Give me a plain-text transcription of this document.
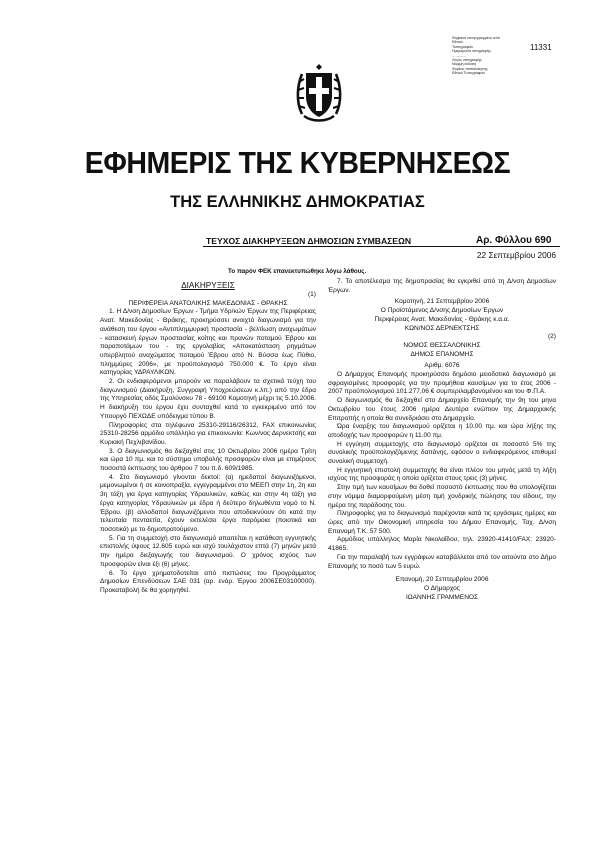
Ψηφιακά υπογεγραμμένο από
Εθνικό
Τυπογραφείο
Ημερομηνία υπογραφής:
... ..-..-....
Λόγος υπογραφής:
Νόμιμη έκδοση
Φορέας πιστοποίησης:
Εθνικό Τυπογραφείο
11331
ΕΦΗΜΕΡΙΣ ΤΗΣ ΚΥΒΕΡΝΗΣΕΩΣ
ΤΗΣ ΕΛΛΗΝΙΚΗΣ ΔΗΜΟΚΡΑΤΙΑΣ
ΤΕΥΧΟΣ ΔΙΑΚΗΡΥΞΕΩΝ ΔΗΜΟΣΙΩΝ ΣΥΜΒΑΣΕΩΝ	Αρ. Φύλλου 690
22 Σεπτεμβρίου 2006
Το παρόν ΦΕΚ επανεκτυπώθηκε λόγω λάθους.

ΔΙΑΚΗΡΥΞΕΙΣ

(1)

ΠΕΡΙΦΕΡΕΙΑ ΑΝΑΤΟΛΙΚΗΣ ΜΑΚΕΔΟΝΙΑΣ - ΘΡΑΚΗΣ

1. Η Δ/νση Δημοσίων Έργων - Τμήμα Υδρ/κών Έργων της Περιφέρειας Ανατ. Μακεδονίας - Θράκης, προκηρύσσει ανοιχτό διαγωνισμό για την ανάθεση του έργου «Αντιπλημμυρική προστασία - βελτίωση αναχωμάτων - κατασκευή έργων προστασίας κοίτης και πρανών ποταμού Έβρου και παραποτάμων του - της εργολαβίας «Αποκατάσταση ρηγμάτων υπερβλητού αναχώματος ποταμού Έβρου από Ν. Βύσσα έως Πύθιο, πλημμύρες 2006», με προϋπολογισμό 750.000 €. Το έργο είναι κατηγορίας ΥΔΡΑΥΛΙΚΩΝ.

2. Οι ενδιαφερόμενοι μπορούν να παραλάβουν τα σχετικά τεύχη του διαγωνισμού (Διακήρυξη, Συγγραφή Υποχρεώσεων κ.λπ.) από την έδρα της Υπηρεσίας οδός Σμολύνσκυ 78 - 69100 Κομοτηνή μέχρι τις 5.10.2006. Η διακήρυξη του έργου έχει συνταχθεί κατά το εγκεκριμένο από τον Υπουργό ΠΕΧΩΔΕ υπόδειγμα τύπου Β.

Πληροφορίες στα τηλέφωνα 25310-29116/26312, FAX επικοινωνίας 25310-28256 αρμόδιο υπάλληλο για επικοινωνία: Κων/νος Δερνεκτσής και Κυριακή Πεχλιβανίδου.

3. Ο διαγωνισμός θα διεξαχθεί στις 10 Οκτωβρίου 2006 ημέρα Τρίτη και ώρα 10 πμ. και το σύστημα υποβολής προσφορών είναι με επιμέρους ποσοστά έκπτωσης του άρθρου 7 του π.δ. 609/1985.

4. Στο διαγωνισμό γίνονται δεκτοί: (α) ημεδαποί διαγωνιζόμενοι, μεμονωμένοι ή σε κοινοπραξία, εγγεγραμμένοι στο ΜΕΕΠ στην 1η, 2η και 3η τάξη για έργα κατηγορίας Υδραυλικών, καθώς και στην 4η τάξη για έργα κατηγορίας Υδραυλικών με έδρα ή δεύτερο δηλωθέντα νομό το Ν. Έβρου. (β) αλλοδαποί διαγωνιζόμενοι που αποδεικνύουν ότι κατά την τελευταία πενταετία, έχουν εκτελέσει έργα παρόμοια (ποιοτικά και ποσοτικά) με το δημοπρατούμενο.

5. Για τη συμμετοχή στο διαγωνισμό απαιτείται η κατάθεση εγγυητικής επιστολής ύψους 12.605 ευρώ και ισχύ τουλάχιστον επτά (7) μηνών μετά την ημέρα διεξαγωγής του διαγωνισμού. Ο χρόνος ισχύος των προσφορών είναι έξι (6) μήνες.

6. Το έργο χρηματοδοτείται από πιστώσεις του Προγράμματος Δημοσίων Επενδύσεων ΣΑΕ 031 (αρ. ενάρ. Έργου 2006ΣΕ03100000). Προκαταβολή δε θα χορηγηθεί.

7. Το αποτέλεσμα της δημοπρασίας θα εγκριθεί από τη Δ/νση Δημοσίων Έργων.

Κομοτηνή, 21 Σεπτεμβρίου 2006

Ο Προϊστάμενος Δ/νσης Δημοσίων Έργων

Περιφέρειας Ανατ. Μακεδονίας - Θράκης κ.α.α.

ΚΩΝ/ΝΟΣ ΔΕΡΝΕΚΤΣΗΣ

(2)

ΝΟΜΟΣ ΘΕΣΣΑΛΟΝΙΚΗΣ

ΔΗΜΟΣ ΕΠΑΝΟΜΗΣ

Αριθμ. 6076

Ο Δήμαρχος Επανομής προκηρύσσει δημόσιο μειοδοτικό διαγωνισμό με σφραγισμένες προσφορές για την προμήθεια καυσίμων για το έτος 2006 - 2007 προϋπολογισμού 101.277,06 € συμπεριλαμβανομένου και του Φ.Π.Α.

Ο διαγωνισμός θα διεξαχθεί στο Δημαρχείο Επανομής την 9η του μηνα Οκτωβρίου του έτους 2006 ημέρα Δευτέρα ενώπιον της Δημαρχιακής Επιτροπής η οποία θα συνεδριάσει στο Δημαρχείο.

Ώρα έναρξης του διαγωνισμού ορίζεται η 10.00 πμ. και ώρα λήξης της αποδοχής των προσφορών η 11.00 πμ.

Η εγγύηση συμμετοχής στο διαγωνισμό ορίζεται σε ποσοστό 5% της συνολικής προϋπολογιζόμενης δαπάνης, εφόσον ο ενδιαφερόμενος επιθυμεί συνολική συμμετοχή.

Η εγγυητική επιστολή συμμετοχής θα είναι πλέον του μηνός μετά τη λήξη ισχύος της προσφοράς η οποία ορίζεται στους τρεις (3) μήνες.

Στην τιμή των καυσίμων θα δοθεί ποσοστό έκπτωσης που θα υπολογίζεται στην νόμιμα διαμορφούμενη μέση τιμή χονδρικής πώλησης του είδους, την ημέρα της παράδοσης του.

Πληροφορίες για το διαγωνισμό παρέχονται κατά τις εργάσιμες ημέρες και ώρες από την Οικονομική υπηρεσία του Δήμου Επανομής, Ταχ. Δ/νση Επανομή Τ.Κ. 57 500.

Αρμόδιος υπάλληλος Μαρία Νικολαΐδου, τηλ. 23920-41410/FAX: 23920-41865.

Για την παραλαβή των εγγράφων καταβάλλεται από τον αιτούντα στο Δήμο Επανομής το ποσό των 5 ευρώ.

Επανομή, 20 Σεπτεμβρίου 2006

Ο Δήμαρχος

ΙΩΑΝΝΗΣ ΓΡΑΜΜΕΝΟΣ
